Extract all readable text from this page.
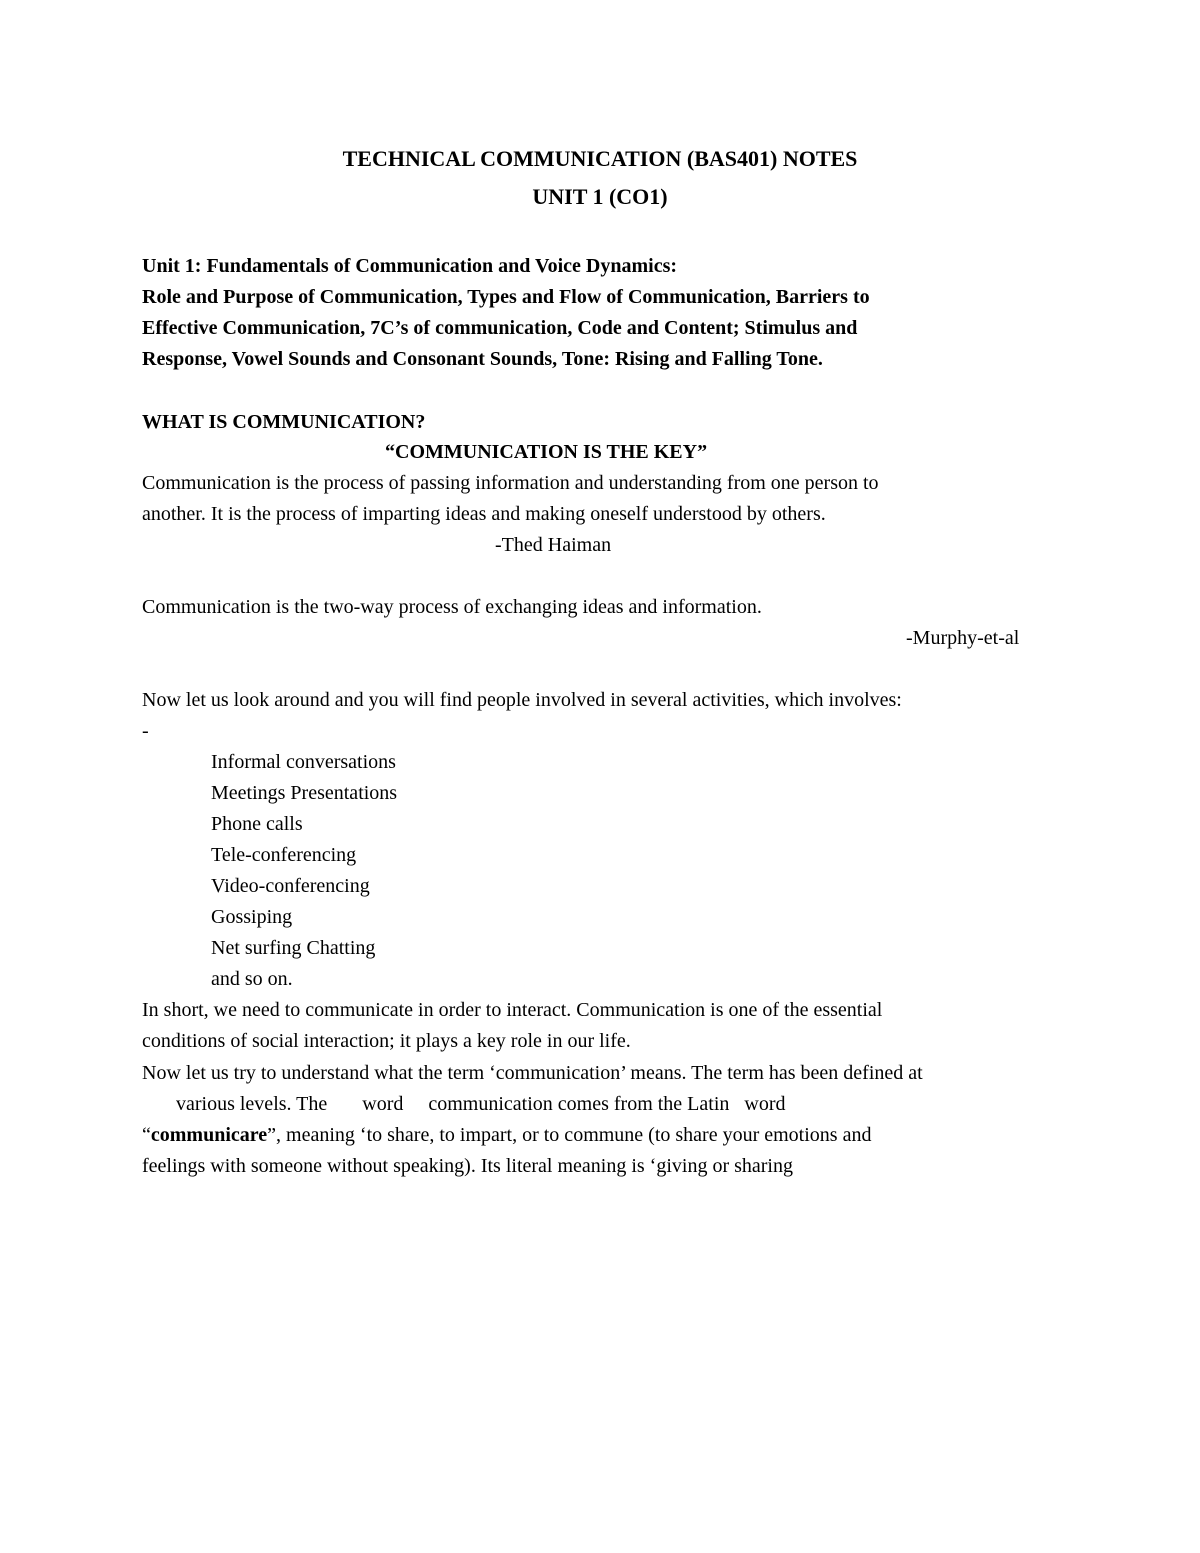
TECHNICAL COMMUNICATION (BAS401) NOTES
UNIT 1 (CO1)
Unit 1: Fundamentals of Communication and Voice Dynamics:
Role and Purpose of Communication, Types and Flow of Communication, Barriers to
Effective Communication, 7C’s of communication, Code and Content; Stimulus and
Response, Vowel Sounds and Consonant Sounds, Tone: Rising and Falling Tone.
WHAT IS COMMUNICATION?
“COMMUNICATION IS THE KEY”
Communication is the process of passing information and understanding from one person to
another. It is the process of imparting ideas and making oneself understood by others.
-Thed Haiman
Communication is the two-way process of exchanging ideas and information.
-Murphy-et-al
Now let us look around and you will find people involved in several activities, which involves:
-
Informal conversations
Meetings Presentations
Phone calls
Tele-conferencing
Video-conferencing
Gossiping
Net surfing Chatting
and so on.
In short, we need to communicate in order to interact. Communication is one of the essential
conditions of social interaction; it plays a key role in our life.
Now let us try to understand what the term ‘communication’ means. The term has been defined at
various levels. The       word     communication comes from the Latin   word
“communicare”, meaning ‘to share, to impart, or to commune (to share your emotions and
feelings with someone without speaking). Its literal meaning is ‘giving or sharing
